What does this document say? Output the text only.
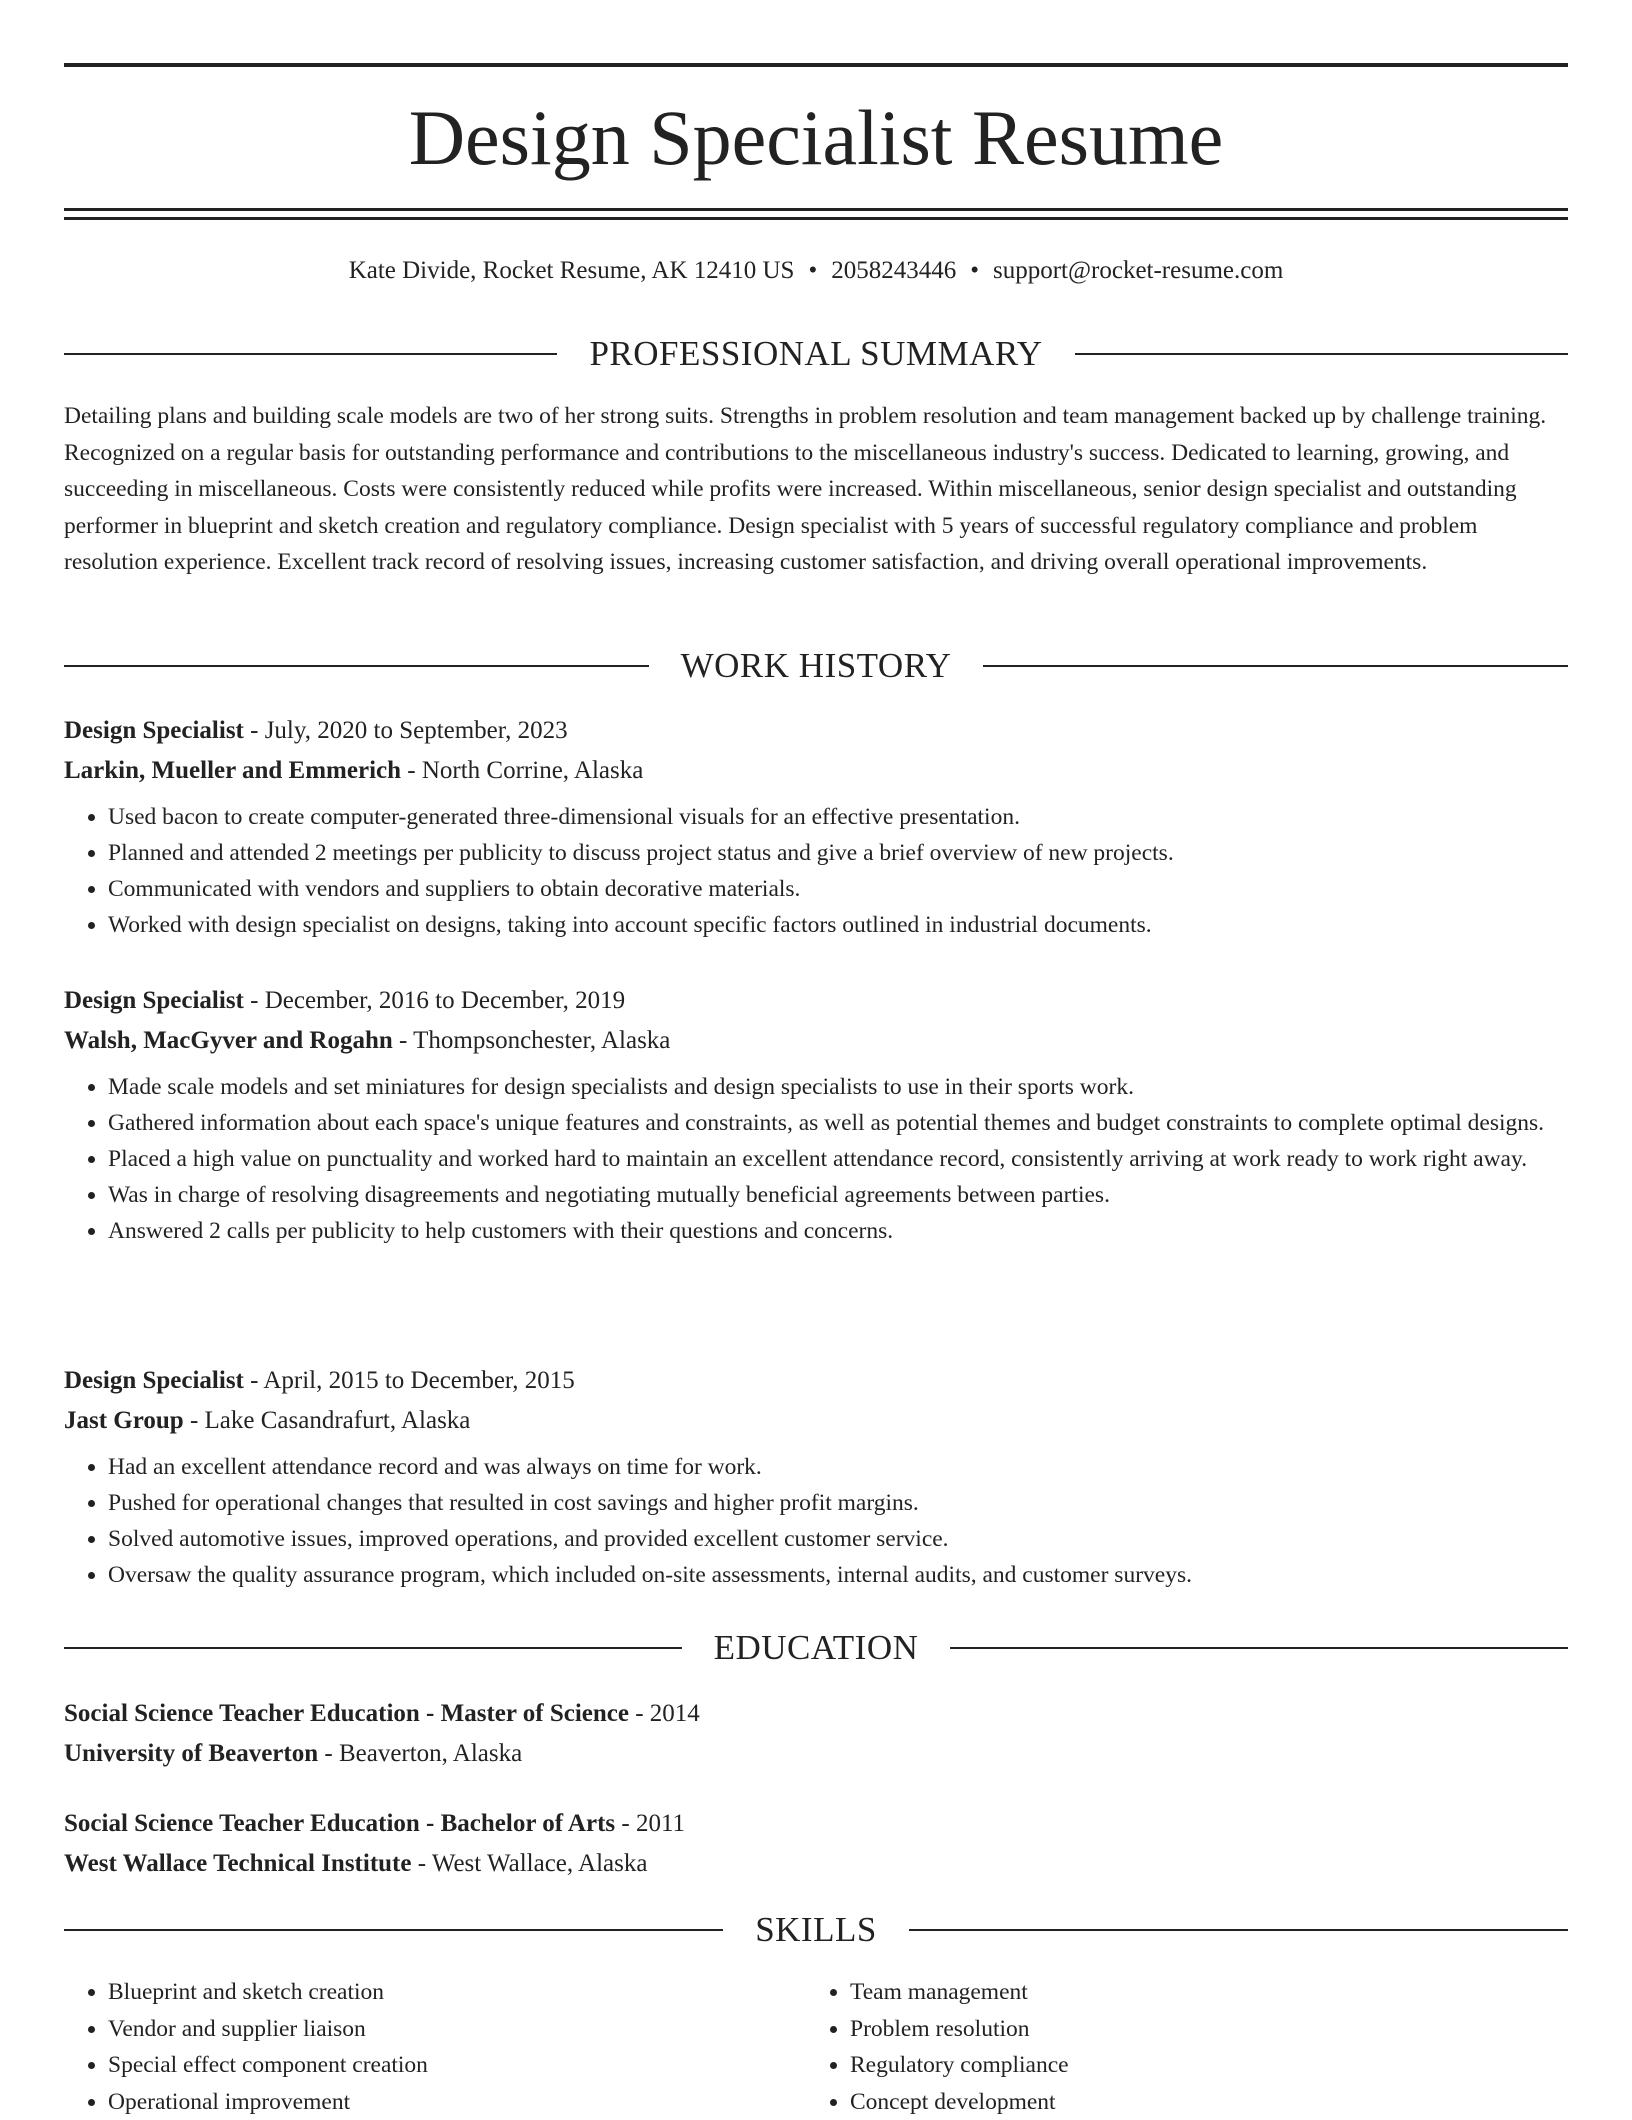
Design Specialist Resume
Kate Divide, Rocket Resume, AK 12410 US • 2058243446 • support@rocket-resume.com
PROFESSIONAL SUMMARY

Detailing plans and building scale models are two of her strong suits. Strengths in problem resolution and team management backed up by challenge training. Recognized on a regular basis for outstanding performance and contributions to the miscellaneous industry's success. Dedicated to learning, growing, and succeeding in miscellaneous. Costs were consistently reduced while profits were increased. Within miscellaneous, senior design specialist and outstanding performer in blueprint and sketch creation and regulatory compliance. Design specialist with 5 years of successful regulatory compliance and problem resolution experience. Excellent track record of resolving issues, increasing customer satisfaction, and driving overall operational improvements.

WORK HISTORY

Design Specialist - July, 2020 to September, 2023

Larkin, Mueller and Emmerich - North Corrine, Alaska

• Used bacon to create computer-generated three-dimensional visuals for an effective presentation.
• Planned and attended 2 meetings per publicity to discuss project status and give a brief overview of new projects.
• Communicated with vendors and suppliers to obtain decorative materials.
• Worked with design specialist on designs, taking into account specific factors outlined in industrial documents.

Design Specialist - December, 2016 to December, 2019

Walsh, MacGyver and Rogahn - Thompsonchester, Alaska

• Made scale models and set miniatures for design specialists and design specialists to use in their sports work.
• Gathered information about each space's unique features and constraints, as well as potential themes and budget constraints to complete optimal designs.
• Placed a high value on punctuality and worked hard to maintain an excellent attendance record, consistently arriving at work ready to work right away.
• Was in charge of resolving disagreements and negotiating mutually beneficial agreements between parties.
• Answered 2 calls per publicity to help customers with their questions and concerns.

Design Specialist - April, 2015 to December, 2015

Jast Group - Lake Casandrafurt, Alaska

• Had an excellent attendance record and was always on time for work.
• Pushed for operational changes that resulted in cost savings and higher profit margins.
• Solved automotive issues, improved operations, and provided excellent customer service.
• Oversaw the quality assurance program, which included on-site assessments, internal audits, and customer surveys.
EDUCATION

Social Science Teacher Education - Master of Science - 2014

University of Beaverton - Beaverton, Alaska

Social Science Teacher Education - Bachelor of Arts - 2011

West Wallace Technical Institute - West Wallace, Alaska

SKILLS
• Blueprint and sketch creation
• Vendor and supplier liaison
• Special effect component creation
• Operational improvement
• Team management
• Problem resolution
• Regulatory compliance
• Concept development
